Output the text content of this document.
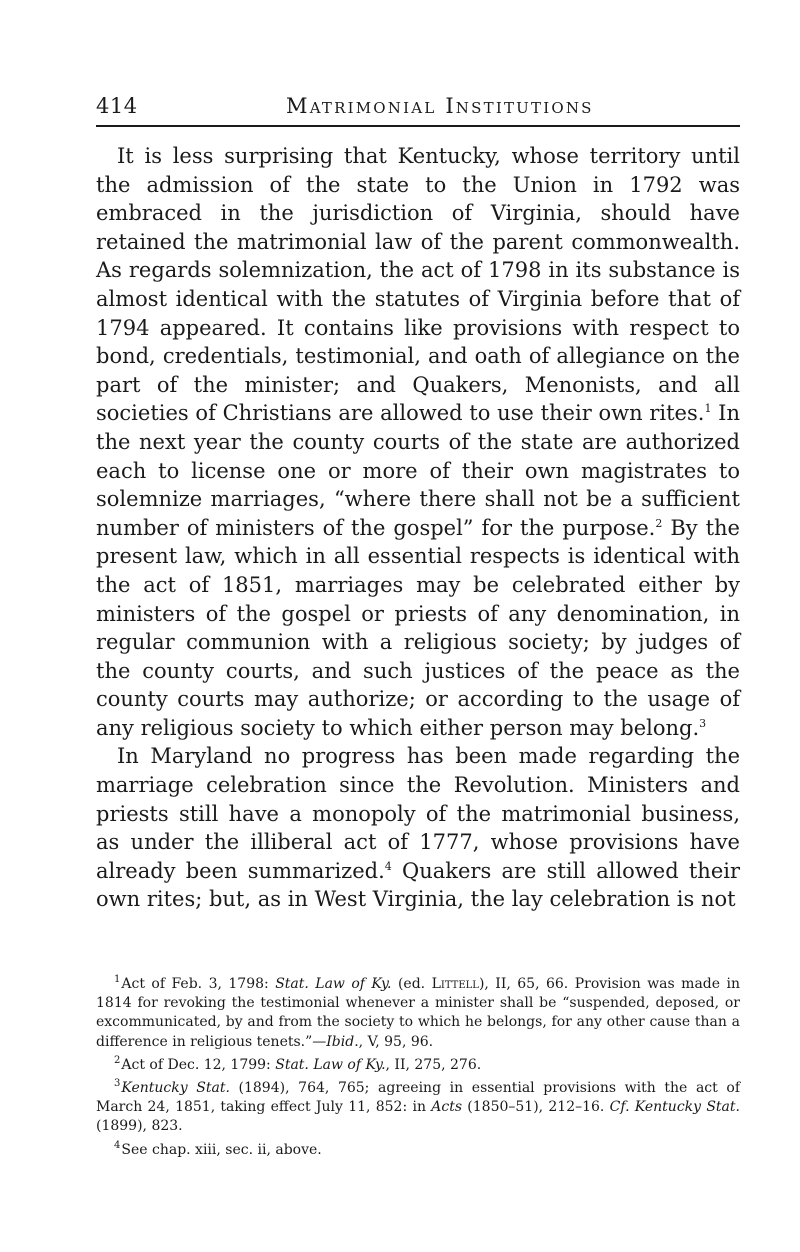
414	Matrimonial Institutions

It is less surprising that Kentucky, whose territory until the admission of the state to the Union in 1792 was embraced in the jurisdiction of Virginia, should have retained the matrimonial law of the parent commonwealth. As regards solemnization, the act of 1798 in its substance is almost identical with the statutes of Virginia before that of 1794 appeared. It contains like provisions with respect to bond, credentials, testimonial, and oath of allegiance on the part of the minister; and Quakers, Menonists, and all societies of Christians are allowed to use their own rites.$^1$ In the next year the county courts of the state are authorized each to license one or more of their own magistrates to solemnize marriages, “where there shall not be a sufficient number of ministers of the gospel” for the purpose.$^2$ By the present law, which in all essential respects is identical with the act of 1851, marriages may be celebrated either by ministers of the gospel or priests of any denomination, in regular communion with a religious society; by judges of the county courts, and such justices of the peace as the county courts may authorize; or according to the usage of any religious society to which either person may belong.$^3$

In Maryland no progress has been made regarding the marriage celebration since the Revolution. Ministers and priests still have a monopoly of the matrimonial business, as under the illiberal act of 1777, whose provisions have already been summarized.$^4$ Quakers are still allowed their own rites; but, as in West Virginia, the lay celebration is not

$^1$Act of Feb. 3, 1798: Stat. Law of Ky. (ed. Littell), II, 65, 66. Provision was made in 1814 for revoking the testimonial whenever a minister shall be “suspended, deposed, or excommunicated, by and from the society to which he belongs, for any other cause than a difference in religious tenets.”—Ibid., V, 95, 96.

$^2$Act of Dec. 12, 1799: Stat. Law of Ky., II, 275, 276.

$^3$Kentucky Stat. (1894), 764, 765; agreeing in essential provisions with the act of March 24, 1851, taking effect July 11, 852: in Acts (1850–51), 212–16. Cf. Kentucky Stat. (1899), 823.

$^4$See chap. xiii, sec. ii, above.
